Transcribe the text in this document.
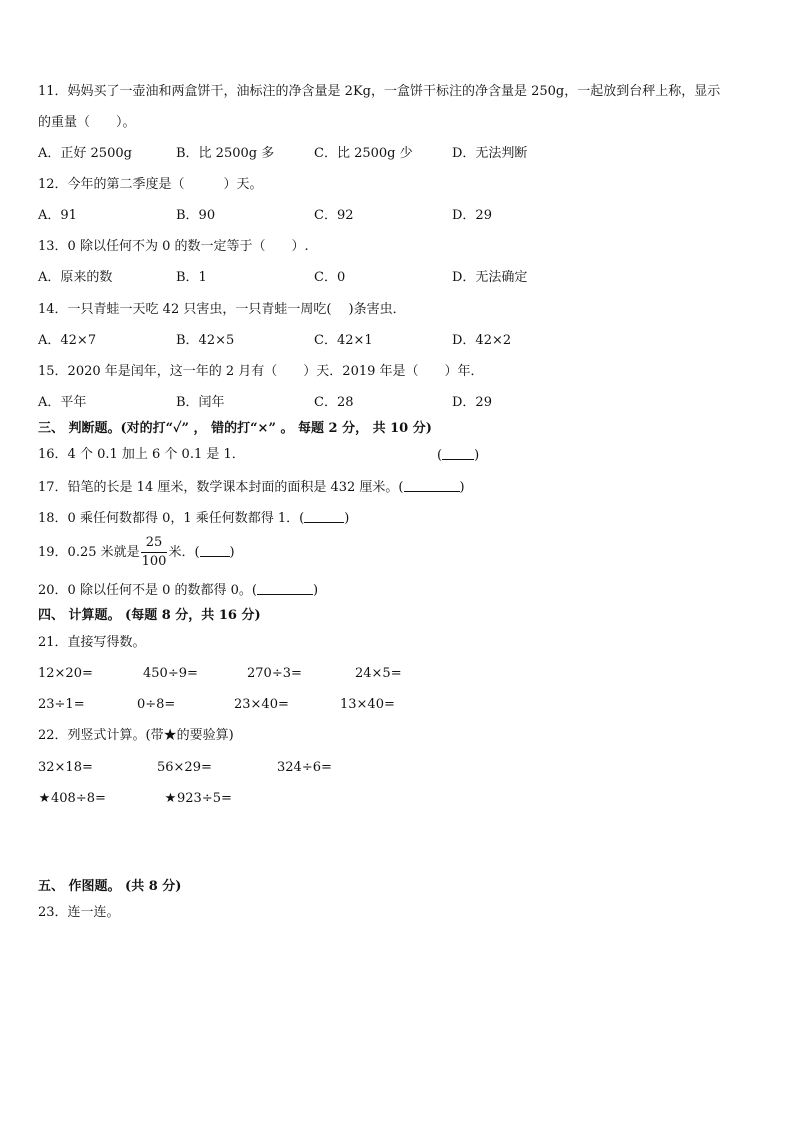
11．妈妈买了一壶油和两盒饼干，油标注的净含量是 2Kg，一盒饼干标注的净含量是 250g，一起放到台秤上称，显示
的重量（　　）。
A．正好 2500g	B．比 2500g 多	C．比 2500g 少	D．无法判断
12．今年的第二季度是（　　　）天。
A．91	B．90	C．92	D．29
13．0 除以任何不为 0 的数一定等于（　　）.
A．原来的数	B．1	C．0	D．无法确定
14．一只青蛙一天吃 42 只害虫，一只青蛙一周吃(　 )条害虫．
A．42×7	B．42×5	C．42×1	D．42×2
15．2020 年是闰年，这一年的 2 月有（　　）天．2019 年是（　　）年．
A．平年	B．闰年	C．28	D．29
三、 判断题。(对的打“✓” ， 错的打“×” 。 每题 2 分， 共 10 分)
16．4 个 0.1 加上 6 个 0.1 是 1．	( )
17．铅笔的长是 14 厘米，数学课本封面的面积是 432 厘米。(	)
18．0 乘任何数都得 0，1 乘任何数都得 1．(	)
19．0.25 米就是 $\frac{25}{100}$ 米．( )
20．0 除以任何不是 0 的数都得 0。(	)
四、 计算题。 (每题 8 分，共 16 分)
21．直接写得数。
12×20=	450÷9=	270÷3=	24×5=
23÷1=	0÷8=	23×40=	13×40=
22．列竖式计算。(带★的要验算)
32×18=	56×29=	324÷6=
★408÷8=	★923÷5=
五、 作图题。 (共 8 分)
23．连一连。
